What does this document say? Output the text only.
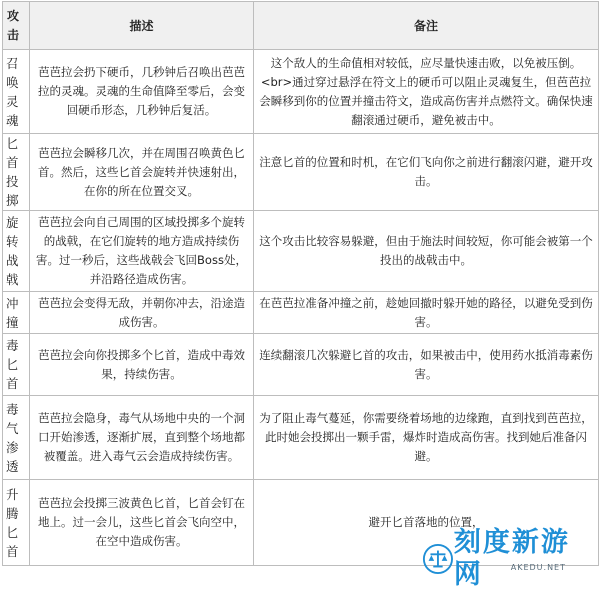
攻击	描述	备注
召唤灵魂	芭芭拉会扔下硬币，几秒钟后召唤出芭芭拉的灵魂。灵魂的生命值降至零后，会变回硬币形态，几秒钟后复活。	这个敌人的生命值相对较低，应尽量快速击败，以免被压倒。<br>通过穿过悬浮在符文上的硬币可以阻止灵魂复生，但芭芭拉会瞬移到你的位置并撞击符文，造成高伤害并点燃符文。确保快速翻滚通过硬币，避免被击中。
匕首投掷	芭芭拉会瞬移几次，并在周围召唤黄色匕首。然后，这些匕首会旋转并快速射出，在你的所在位置交叉。	注意匕首的位置和时机，在它们飞向你之前进行翻滚闪避，避开攻击。
旋转战戟	芭芭拉会向自己周围的区域投掷多个旋转的战戟，在它们旋转的地方造成持续伤害。过一秒后，这些战戟会飞回Boss处，并沿路径造成伤害。	这个攻击比较容易躲避，但由于施法时间较短，你可能会被第一个投出的战戟击中。
冲撞	芭芭拉会变得无敌，并朝你冲去，沿途造成伤害。	在芭芭拉准备冲撞之前，趁她回撤时躲开她的路径，以避免受到伤害。
毒匕首	芭芭拉会向你投掷多个匕首，造成中毒效果，持续伤害。	连续翻滚几次躲避匕首的攻击，如果被击中，使用药水抵消毒素伤害。
毒气渗透	芭芭拉会隐身，毒气从场地中央的一个洞口开始渗透，逐渐扩展，直到整个场地都被覆盖。进入毒气云会造成持续伤害。	为了阻止毒气蔓延，你需要绕着场地的边缘跑，直到找到芭芭拉，此时她会投掷出一颗手雷，爆炸时造成高伤害。找到她后准备闪避。
升腾匕首	芭芭拉会投掷三波黄色匕首，匕首会钉在地上。过一会儿，这些匕首会飞向空中，在空中造成伤害。	避开匕首落地的位置，
刻度新游网	AKEDU.NET
